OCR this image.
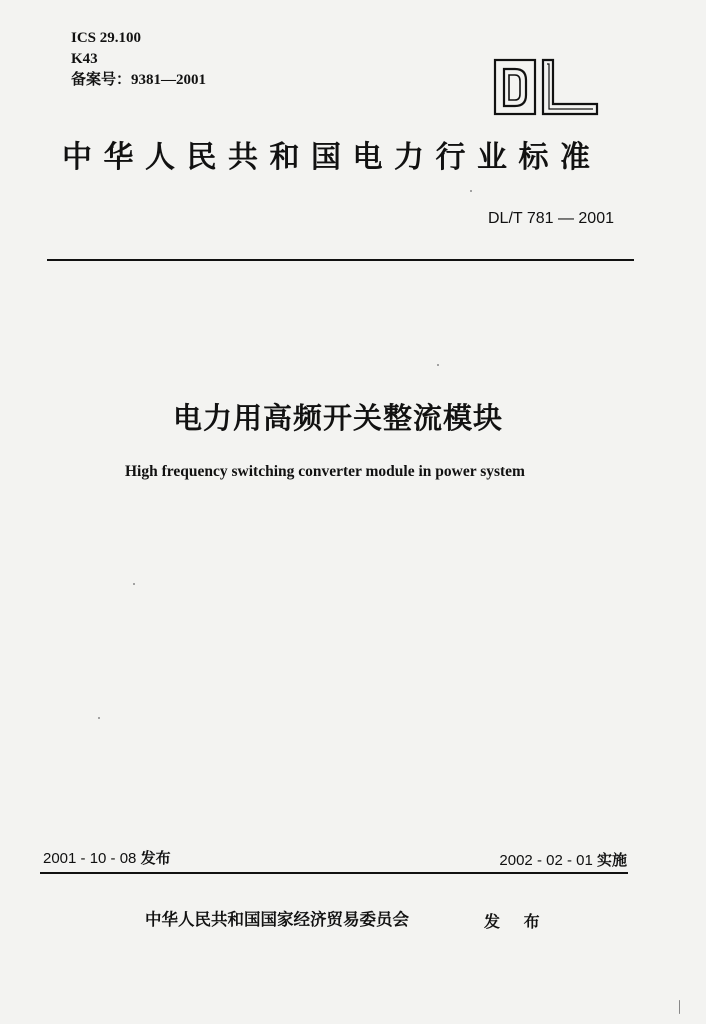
ICS 29.100
K43
备案号：9381—2001
中华人民共和国电力行业标准
DL/T 781 — 2001
电力用高频开关整流模块
High frequency switching converter module in power system
2001 - 10 - 08 发布	2002 - 02 - 01 实施
中华人民共和国国家经济贸易委员会	发 布
